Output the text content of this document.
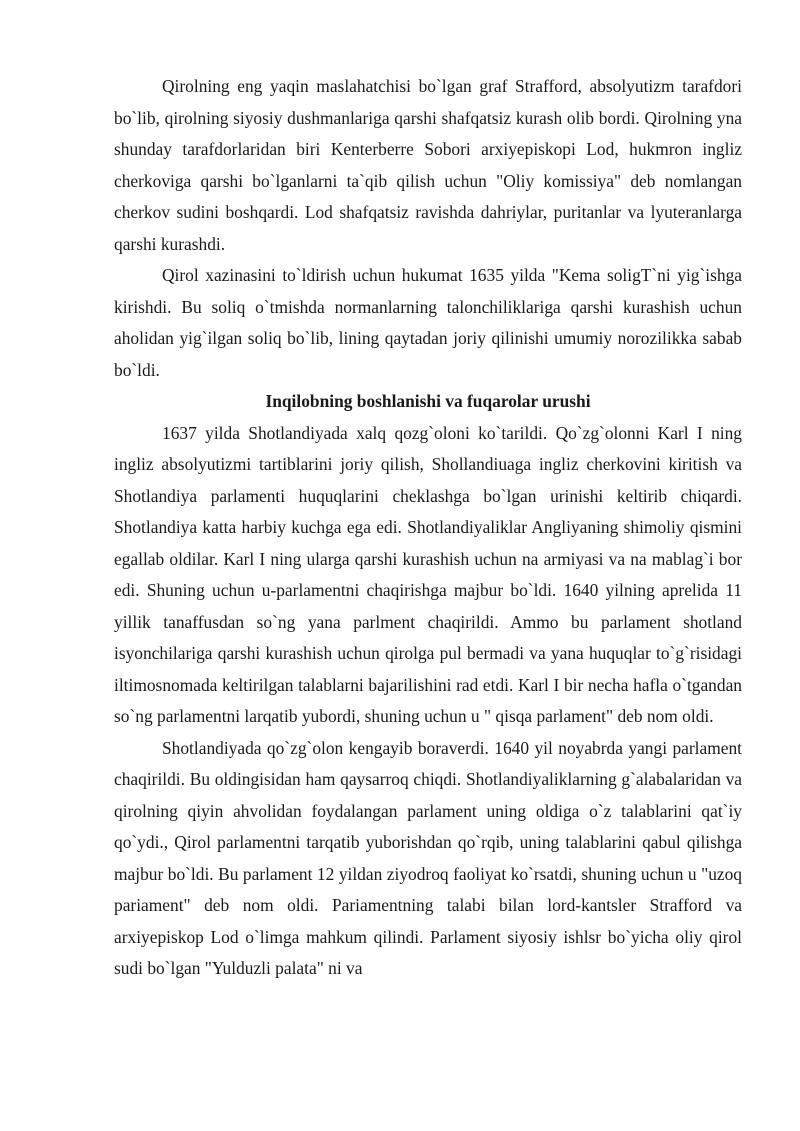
Qirolning eng yaqin maslahatchisi bo`lgan graf Strafford, absolyutizm tarafdori bo`lib, qirolning siyosiy dushmanlariga qarshi shafqatsiz kurash olib bordi. Qirolning yna shunday tarafdorlaridan biri Kenterberre Sobori arxiyepiskopi Lod, hukmron ingliz cherkoviga qarshi bo`lganlarni ta`qib qilish uchun "Oliy komissiya" deb nomlangan cherkov sudini boshqardi. Lod shafqatsiz ravishda dahriylar, puritanlar va lyuteranlarga qarshi kurashdi.

Qirol xazinasini to`ldirish uchun hukumat 1635 yilda "Kema soligT`ni yig`ishga kirishdi. Bu soliq o`tmishda normanlarning talonchiliklariga qarshi kurashish uchun aholidan yig`ilgan soliq bo`lib, lining qaytadan joriy qilinishi umumiy norozilikka sabab bo`ldi.

Inqilobning boshlanishi va fuqarolar urushi

1637 yilda Shotlandiyada xalq qozg`oloni ko`tarildi. Qo`zg`olonni Karl I ning ingliz absolyutizmi tartiblarini joriy qilish, Shollandiuaga ingliz cherkovini kiritish va Shotlandiya parlamenti huquqlarini cheklashga bo`lgan urinishi keltirib chiqardi. Shotlandiya katta harbiy kuchga ega edi. Shotlandiyaliklar Angliyaning shimoliy qismini egallab oldilar. Karl I ning ularga qarshi kurashish uchun na armiyasi va na mablag`i bor edi. Shuning uchun u-parlamentni chaqirishga majbur bo`ldi. 1640 yilning aprelida 11 yillik tanaffusdan so`ng yana parlment chaqirildi. Ammo bu parlament shotland isyonchilariga qarshi kurashish uchun qirolga pul bermadi va yana huquqlar to`g`risidagi iltimosnomada keltirilgan talablarni bajarilishini rad etdi. Karl I bir necha hafla o`tgandan so`ng parlamentni larqatib yubordi, shuning uchun u " qisqa parlament" deb nom oldi.

Shotlandiyada qo`zg`olon kengayib boraverdi. 1640 yil noyabrda yangi parlament chaqirildi. Bu oldingisidan ham qaysarroq chiqdi. Shotlandiyaliklarning g`alabalaridan va qirolning qiyin ahvolidan foydalangan parlament uning oldiga o`z talablarini qat`iy qo`ydi., Qirol parlamentni tarqatib yuborishdan qo`rqib, uning talablarini qabul qilishga majbur bo`ldi. Bu parlament 12 yildan ziyodroq faoliyat ko`rsatdi, shuning uchun u "uzoq pariament" deb nom oldi. Pariamentning talabi bilan lord-kantsler Strafford va arxiyepiskop Lod o`limga mahkum qilindi. Parlament siyosiy ishlsr bo`yicha oliy qirol sudi bo`lgan "Yulduzli palata" ni va
